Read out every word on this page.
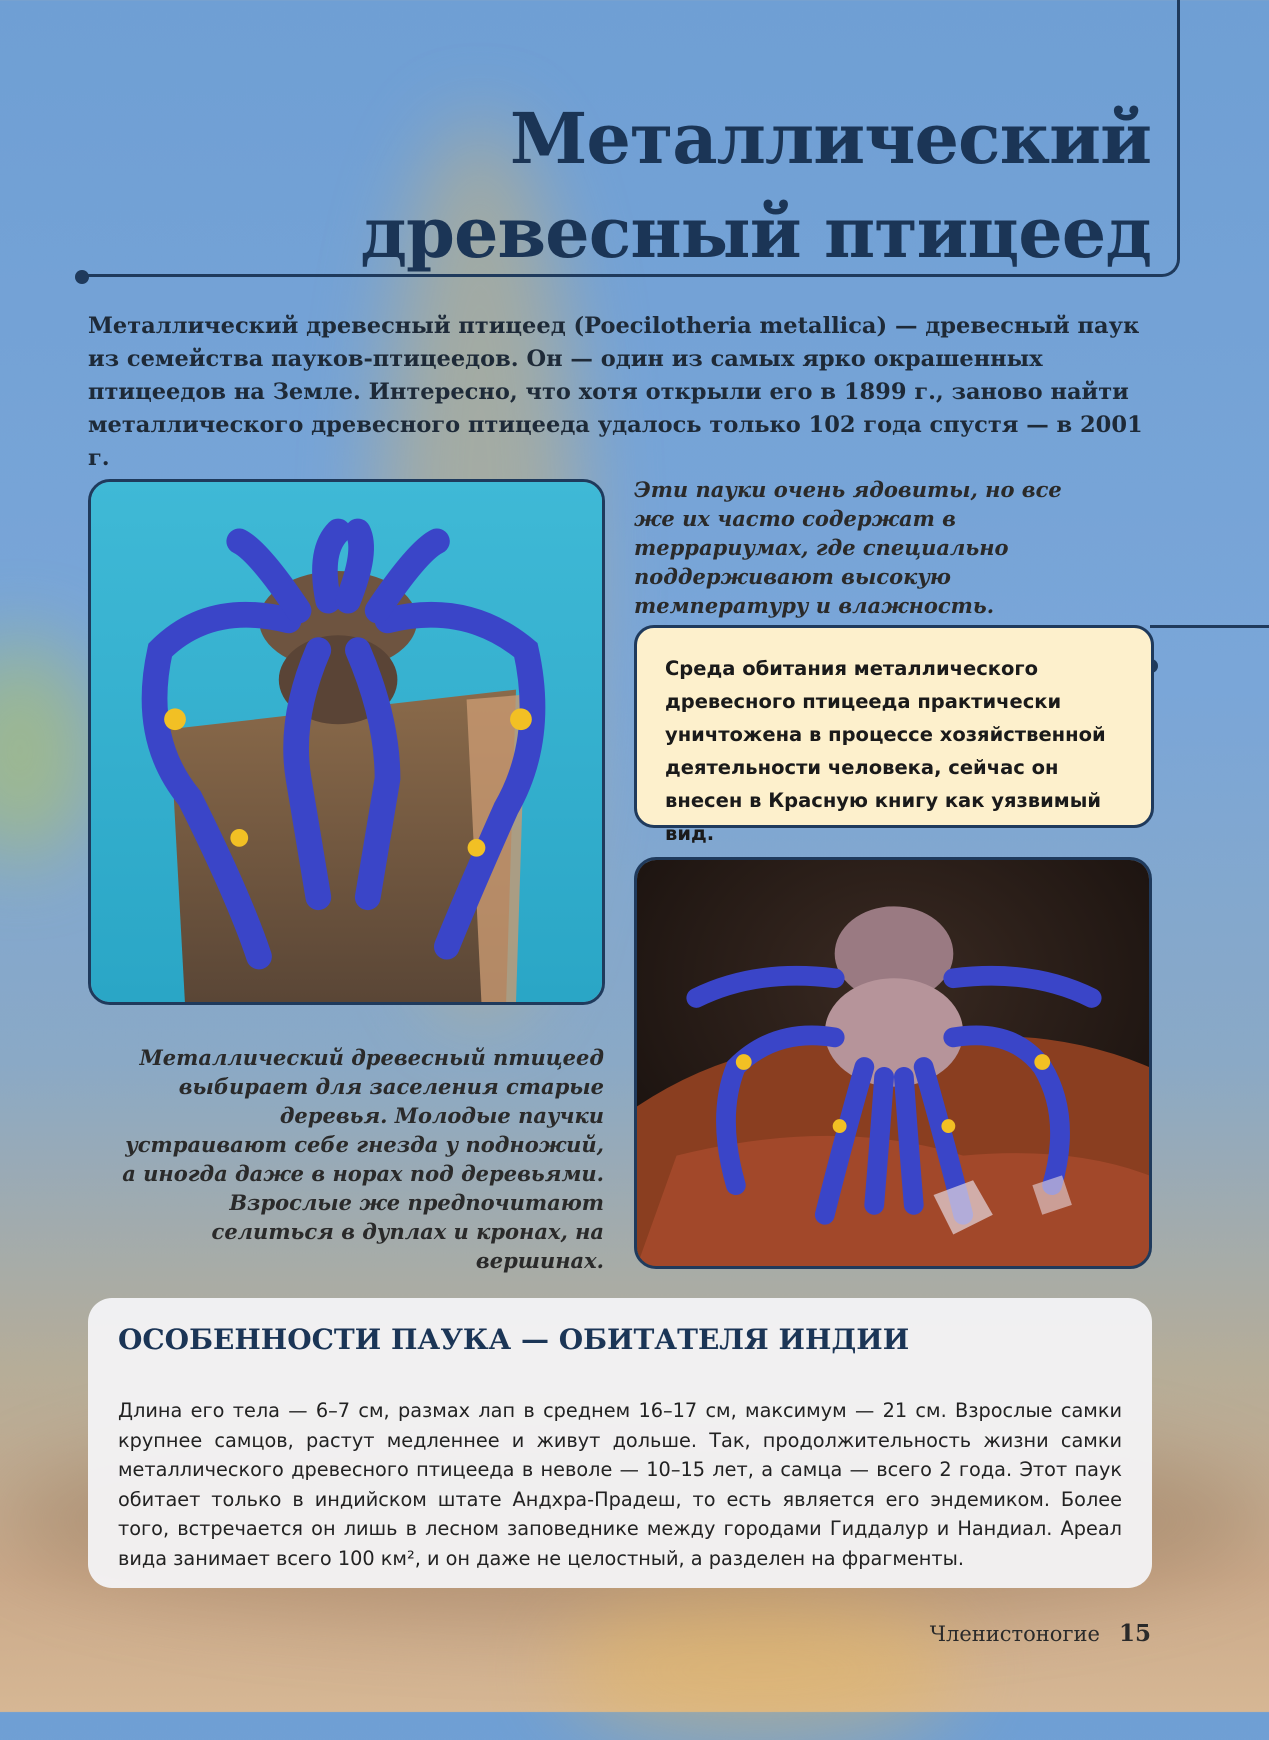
Металлический древесный птицеед

Металлический древесный птицеед (Poecilotheria metallica) — древесный паук из семейства пауков-птицеедов. Он — один из самых ярко окрашенных птицеедов на Земле. Интересно, что хотя открыли его в 1899 г., заново найти металлического древесного птицееда удалось только 102 года спустя — в 2001 г.

Эти пауки очень ядовиты, но все же их часто содержат в террариумах, где специально поддерживают высокую температуру и влажность.

Среда обитания металлического древесного птицееда практически уничтожена в процессе хозяйственной деятельности человека, сейчас он внесен в Красную книгу как уязвимый вид.

Металлический древесный птицеед выбирает для заселения старые деревья. Молодые паучки устраивают себе гнезда у подножий, а иногда даже в норах под деревьями. Взрослые же предпочитают селиться в дуплах и кронах, на вершинах.

ОСОБЕННОСТИ ПАУКА — ОБИТАТЕЛЯ ИНДИИ

Длина его тела — 6–7 см, размах лап в среднем 16–17 см, максимум — 21 см. Взрослые самки крупнее самцов, растут медленнее и живут дольше. Так, продолжительность жизни самки металлического древесного птицееда в неволе — 10–15 лет, а самца — всего 2 года. Этот паук обитает только в индийском штате Андхра-Прадеш, то есть является его эндемиком. Более того, встречается он лишь в лесном заповеднике между городами Гиддалур и Нандиал. Ареал вида занимает всего 100 км², и он даже не целостный, а разделен на фрагменты.

Членистоногие 15
